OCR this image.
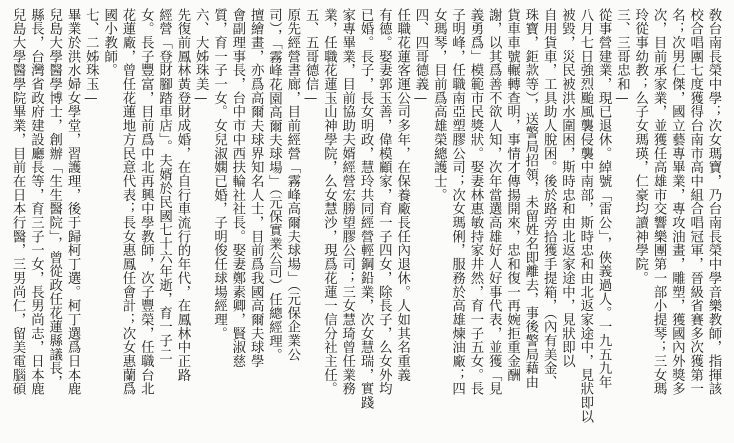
敎台南長榮中學；次女瑪寶，乃台南長榮中學音樂教師，指揮該
校合唱團七度獲得台南市高中組合唱冠軍，晉級省賽多次獲第一
名；次男仁傑，國立藝專畢業，專攻油畫，雕塑，獲國內外獎多
次，目前承家業，並獲任高雄市交響樂團第一部小提琴；三女瑪
玲從事幼教；么子女瑪瑛，仁豪均讀神學院。
三、三哥忠和—
從事營建業，現已退休。綽號「雷公」，俠義過人。一九五九年
八月七日強烈颱風襲侵襲中南部，斯時忠和由北返家途中，見狀即以
被毀，災民被洪水圍困，斯時忠和由北返家途中，見狀即以
自用貨車，工具助人脫困。後於路旁拾獲手提箱，（內有美金、
珠寶，鉅款等），送警局招領，未留姓名即離去，事後警局藉由
貨車車號輾轉查明，事情才傳揚開來，忠和復一再婉拒重金酬
謝，以其爲善不欲人知，次年當選高雄好人好事代表，並獲「見
義勇爲」模範市民獎狀。娶妻林惠敏持家井然，育一子五女。長
子明峰，任職南亞塑膠公司；次女瑪俐，服務於高雄煉油廠；四
女瑪琴，目前爲高雄榮總護士。
四、四哥德義—
任職花蓮客運公司多年，在保養廠長任內退休。人如其名重義
有德。娶妻郭玉善，偉模顧家，育一子四女，除長子，么女外均
已婚。長子，長女明政，慧玲共同經營輕鋼鉛業，次女慧瑞，實踐
家專畢業，目前協助夫婿經營宏勝望膠公司；三女慧琦曾任業務
業，任職花蓮玉山神學院，么女慧沙，現爲花蓮一信分社主任。
五、五哥德信—
原先經營書廊，目前經營「霧峰高爾夫球場」（元保企業公
司），「霧峰花園高爾夫球場」（元保實業公司）任總經理。
擅繪畫，亦爲高爾夫球界知名人士，目前爲我國高爾夫球學
會副理事長，台中市中西扶輪社社長。娶妻鄭素卿，賢淑慈
質，育一子一女。女兒淑嫻已婚，子明俊任球場經理。
六、大姊珠美—
先復前鳳林黃登財成婚，在自行車流行的年代，在鳳林中正路
經營「登財腳踏車店」。夫婿於民國七十六年逝，育一子二
女。長子豐富，目前爲中北再興中學教師，次子豐榮，任職台北
花蓮廠，曾任花蓮地方民意代表；長女惠鳳任會計；次女惠蘭爲
國小教師。
七、二姊珠玉—
畢業於洪水婦女學堂，習護理，後于歸柯丁選。柯丁選爲日本鹿
兒島大學醫學博士，創辦「生生醫院」，曾從政任花蓮縣議長，
縣長，台灣省政府建設廳長等，育三子一女，長男尚志，日本鹿
兒島大學醫學院畢業，目前在日本行醫，三男尚仁，留美電腦碩
